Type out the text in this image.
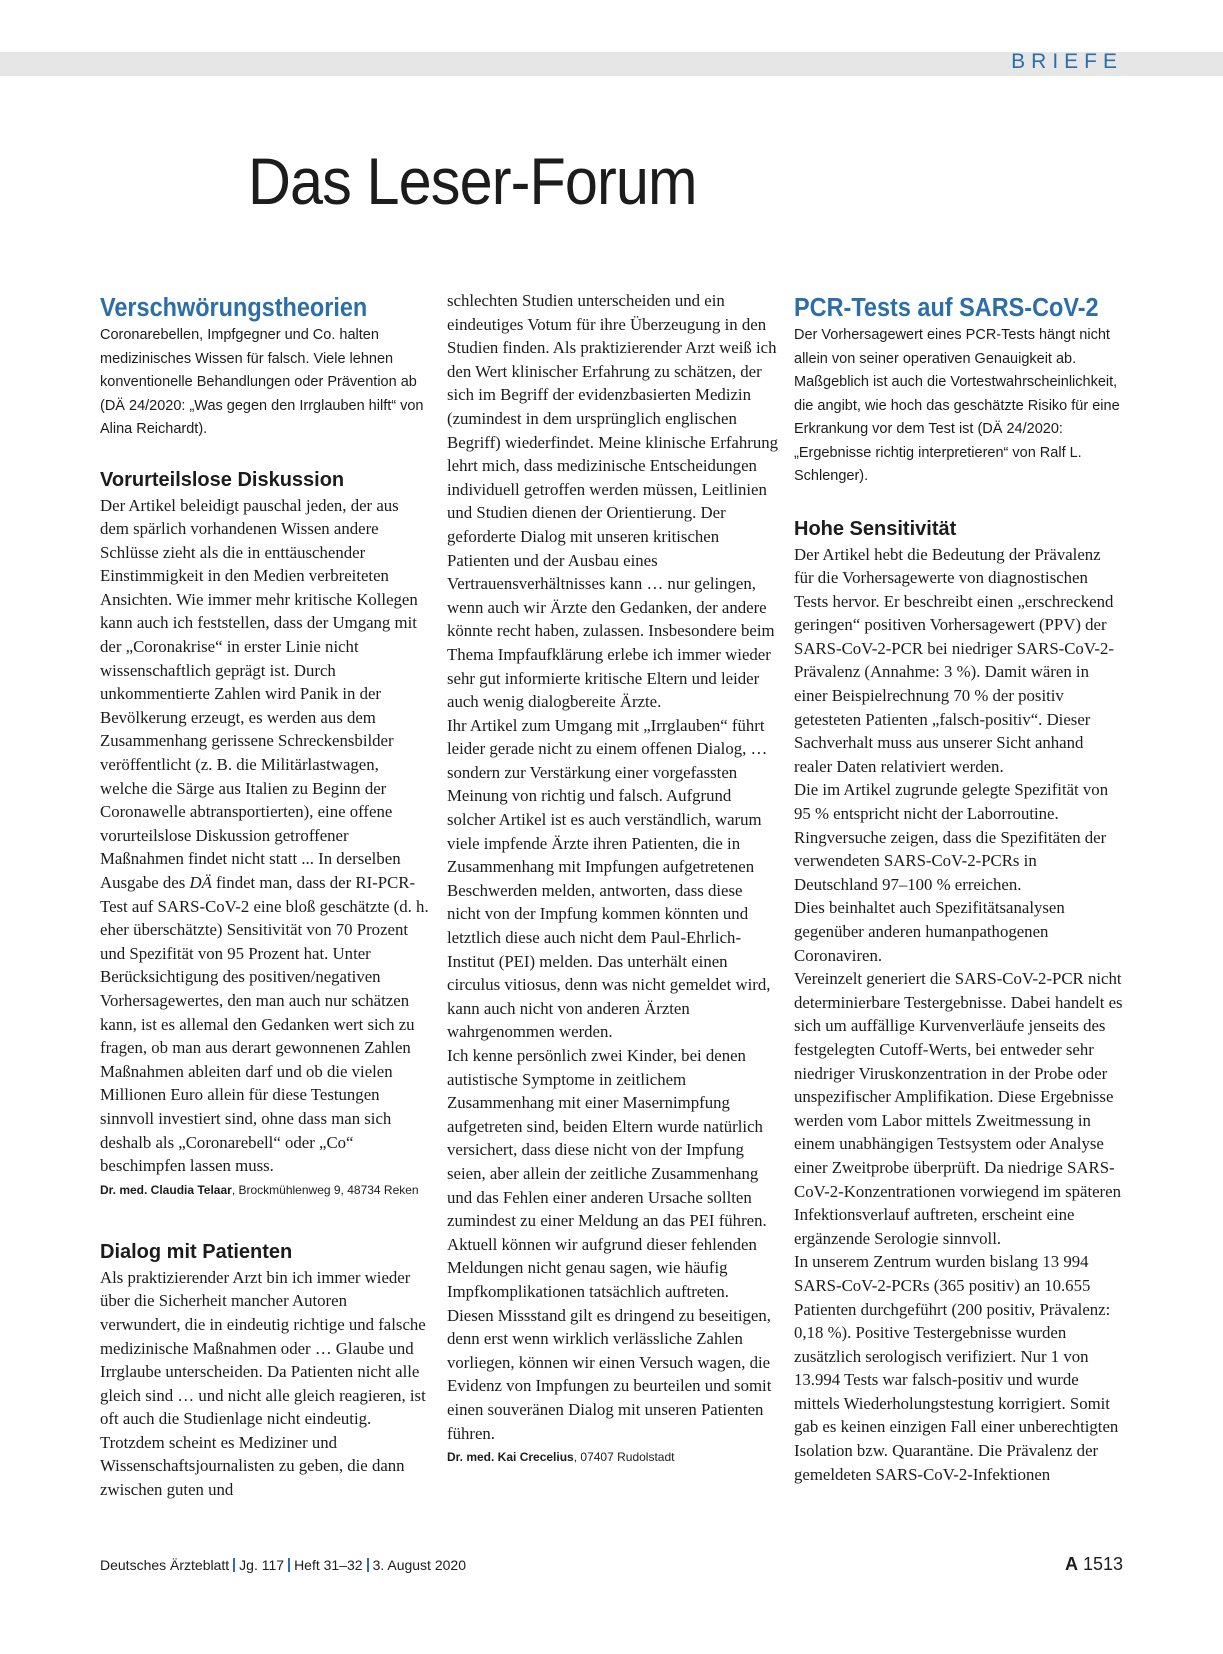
BRIEFE
Das Leser-Forum
Verschwörungstheorien

Coronarebellen, Impfgegner und Co. halten medizinisches Wissen für falsch. Viele lehnen konventionelle Behandlungen oder Prävention ab (DÄ 24/2020: „Was gegen den Irrglauben hilft“ von Alina Reichardt).

Vorurteilslose Diskussion

Der Artikel beleidigt pauschal jeden, der aus dem spärlich vorhandenen Wissen andere Schlüsse zieht als die in enttäuschender Einstimmigkeit in den Medien verbreiteten Ansichten. Wie immer mehr kritische Kollegen kann auch ich feststellen, dass der Umgang mit der „Coronakrise“ in erster Linie nicht wissenschaftlich geprägt ist. Durch unkommentierte Zahlen wird Panik in der Bevölkerung erzeugt, es werden aus dem Zusammenhang gerissene Schreckensbilder veröffentlicht (z. B. die Militärlastwagen, welche die Särge aus Italien zu Beginn der Coronawelle abtransportierten), eine offene vorurteilslose Diskussion getroffener Maßnahmen findet nicht statt ... In derselben Ausgabe des DÄ findet man, dass der RI-PCR-Test auf SARS-CoV-2 eine bloß geschätzte (d. h. eher überschätzte) Sensitivität von 70 Prozent und Spezifität von 95 Prozent hat. Unter Berücksichtigung des positiven/negativen Vorhersagewertes, den man auch nur schätzen kann, ist es allemal den Gedanken wert sich zu fragen, ob man aus derart gewonnenen Zahlen Maßnahmen ableiten darf und ob die vielen Millionen Euro allein für diese Testungen sinnvoll investiert sind, ohne dass man sich deshalb als „Coronarebell“ oder „Co“ beschimpfen lassen muss.

Dr. med. Claudia Telaar, Brockmühlenweg 9, 48734 Reken

Dialog mit Patienten

Als praktizierender Arzt bin ich immer wieder über die Sicherheit mancher Autoren verwundert, die in eindeutig richtige und falsche medizinische Maßnahmen oder … Glaube und Irrglaube unterscheiden. Da Patienten nicht alle gleich sind … und nicht alle gleich reagieren, ist oft auch die Studienlage nicht eindeutig. Trotzdem scheint es Mediziner und Wissenschaftsjournalisten zu geben, die dann zwischen guten und

schlechten Studien unterscheiden und ein eindeutiges Votum für ihre Überzeugung in den Studien finden. Als praktizierender Arzt weiß ich den Wert klinischer Erfahrung zu schätzen, der sich im Begriff der evidenzbasierten Medizin (zumindest in dem ursprünglich englischen Begriff) wiederfindet. Meine klinische Erfahrung lehrt mich, dass medizinische Entscheidungen individuell getroffen werden müssen, Leitlinien und Studien dienen der Orientierung. Der geforderte Dialog mit unseren kritischen Patienten und der Ausbau eines Vertrauensverhältnisses kann … nur gelingen, wenn auch wir Ärzte den Gedanken, der andere könnte recht haben, zulassen. Insbesondere beim Thema Impfaufklärung erlebe ich immer wieder sehr gut informierte kritische Eltern und leider auch wenig dialogbereite Ärzte.

Ihr Artikel zum Umgang mit „Irrglauben“ führt leider gerade nicht zu einem offenen Dialog, … sondern zur Verstärkung einer vorgefassten Meinung von richtig und falsch. Aufgrund solcher Artikel ist es auch verständlich, warum viele impfende Ärzte ihren Patienten, die in Zusammenhang mit Impfungen aufgetretenen Beschwerden melden, antworten, dass diese nicht von der Impfung kommen könnten und letztlich diese auch nicht dem Paul-Ehrlich-Institut (PEI) melden. Das unterhält einen circulus vitiosus, denn was nicht gemeldet wird, kann auch nicht von anderen Ärzten wahrgenommen werden.

Ich kenne persönlich zwei Kinder, bei denen autistische Symptome in zeitlichem Zusammenhang mit einer Masernimpfung aufgetreten sind, beiden Eltern wurde natürlich versichert, dass diese nicht von der Impfung seien, aber allein der zeitliche Zusammenhang und das Fehlen einer anderen Ursache sollten zumindest zu einer Meldung an das PEI führen.

Aktuell können wir aufgrund dieser fehlenden Meldungen nicht genau sagen, wie häufig Impfkomplikationen tatsächlich auftreten. Diesen Missstand gilt es dringend zu beseitigen, denn erst wenn wirklich verlässliche Zahlen vorliegen, können wir einen Versuch wagen, die Evidenz von Impfungen zu beurteilen und somit einen souveränen Dialog mit unseren Patienten führen.

Dr. med. Kai Crecelius, 07407 Rudolstadt

PCR-Tests auf SARS-CoV-2

Der Vorhersagewert eines PCR-Tests hängt nicht allein von seiner operativen Genauigkeit ab. Maßgeblich ist auch die Vortestwahrscheinlichkeit, die angibt, wie hoch das geschätzte Risiko für eine Erkrankung vor dem Test ist (DÄ 24/2020: „Ergebnisse richtig interpretieren“ von Ralf L. Schlenger).

Hohe Sensitivität

Der Artikel hebt die Bedeutung der Prävalenz für die Vorhersagewerte von diagnostischen Tests hervor. Er beschreibt einen „erschreckend geringen“ positiven Vorhersagewert (PPV) der SARS-CoV-2-PCR bei niedriger SARS-CoV-2-Prävalenz (Annahme: 3 %). Damit wären in einer Beispielrechnung 70 % der positiv getesteten Patienten „falsch-positiv“. Dieser Sachverhalt muss aus unserer Sicht anhand realer Daten relativiert werden.

Die im Artikel zugrunde gelegte Spezifität von 95 % entspricht nicht der Laborroutine. Ringversuche zeigen, dass die Spezifitäten der verwendeten SARS-CoV-2-PCRs in Deutschland 97–100 % erreichen.

Dies beinhaltet auch Spezifitätsanalysen gegenüber anderen humanpathogenen Coronaviren.

Vereinzelt generiert die SARS-CoV-2-PCR nicht determinierbare Testergebnisse. Dabei handelt es sich um auffällige Kurvenverläufe jenseits des festgelegten Cutoff-Werts, bei entweder sehr niedriger Viruskonzentration in der Probe oder unspezifischer Amplifikation. Diese Ergebnisse werden vom Labor mittels Zweitmessung in einem unabhängigen Testsystem oder Analyse einer Zweitprobe überprüft. Da niedrige SARS-CoV-2-Konzentrationen vorwiegend im späteren Infektionsverlauf auftreten, erscheint eine ergänzende Serologie sinnvoll.

In unserem Zentrum wurden bislang 13 994 SARS-CoV-2-PCRs (365 positiv) an 10.655 Patienten durchgeführt (200 positiv, Prävalenz: 0,18 %). Positive Testergebnisse wurden zusätzlich serologisch verifiziert. Nur 1 von 13.994 Tests war falsch-positiv und wurde mittels Wiederholungstestung korrigiert. Somit gab es keinen einzigen Fall einer unberechtigten Isolation bzw. Quarantäne. Die Prävalenz der gemeldeten SARS-CoV-2-Infektionen

Deutsches Ärzteblatt Jg. 117 Heft 31–32 3. August 2020	A 1513
